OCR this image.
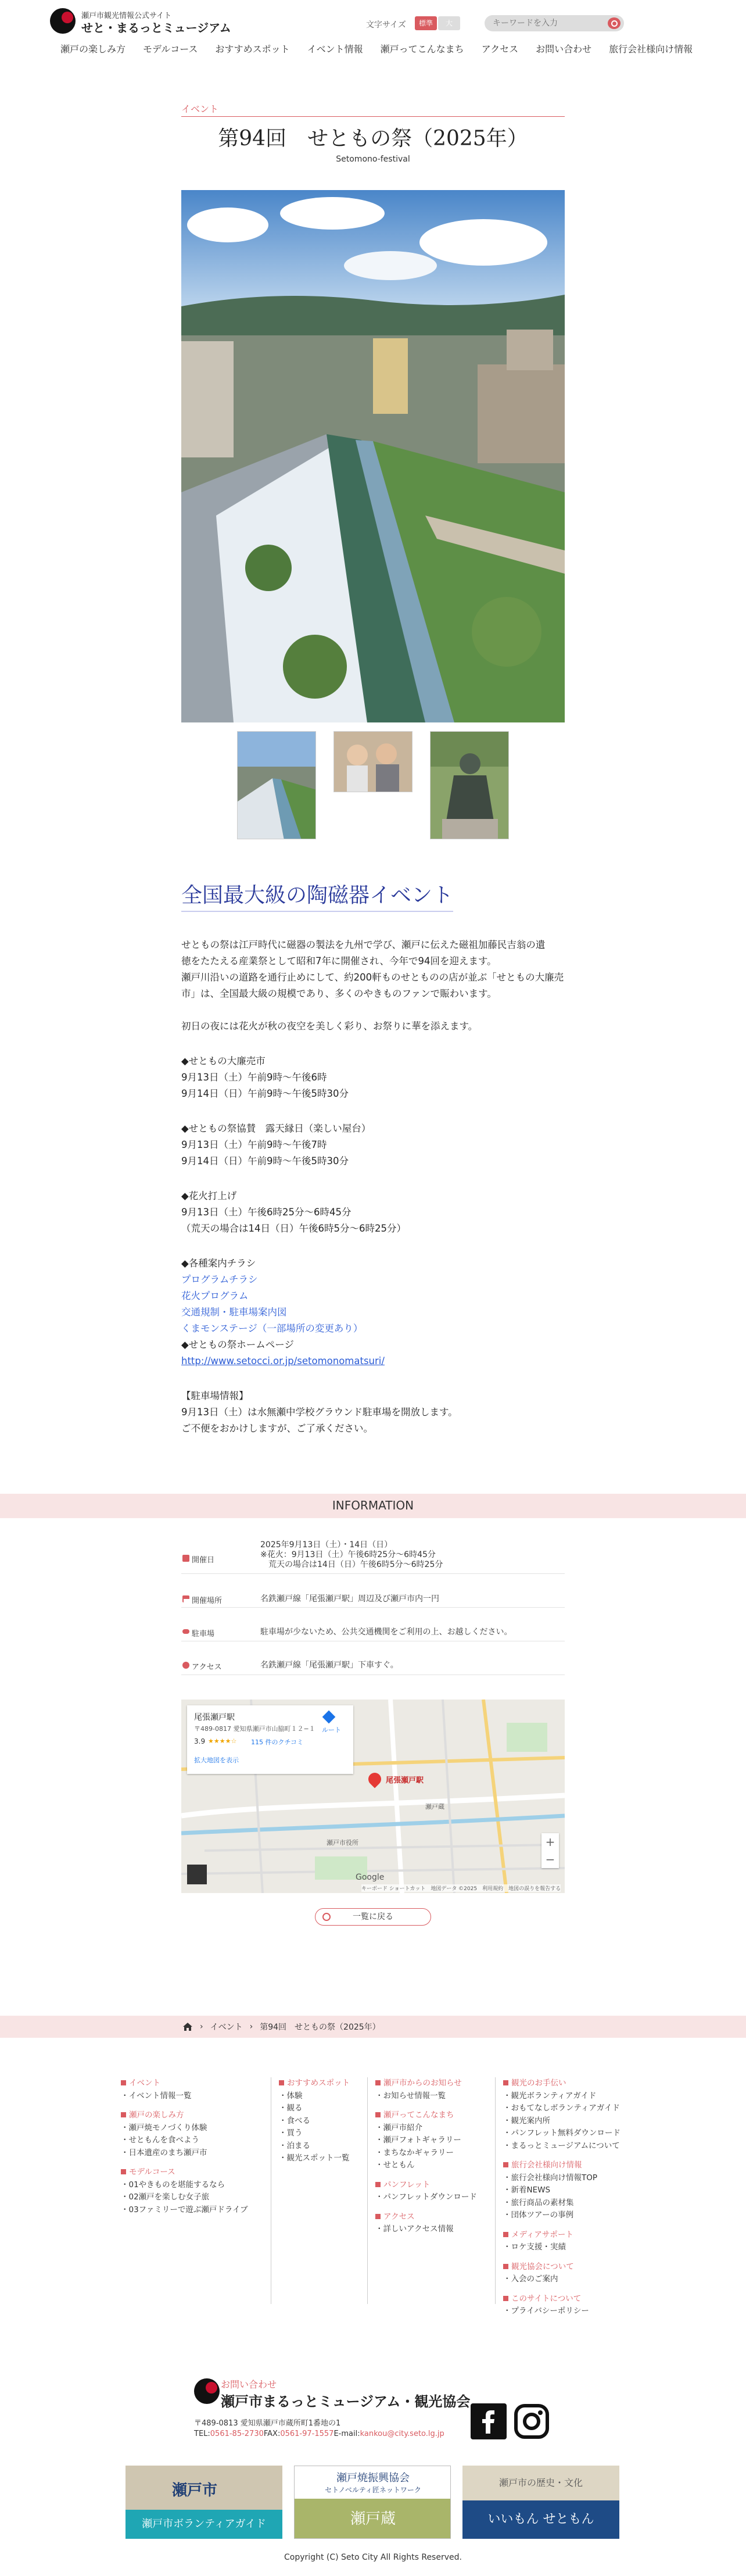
瀬戸市観光情報公式サイト
せと・まるっとミュージアム	文字サイズ	標準	大
キーワードを入力
瀬戸の楽しみ方 モデルコース おすすめスポット イベント情報 瀬戸ってこんなまち アクセス お問い合わせ 旅行会社様向け情報
イベント
第94回　せともの祭（2025年）
Setomono-festival
全国最大級の陶磁器イベント
せともの祭は江戸時代に磁器の製法を九州で学び、瀬戸に伝えた磁祖加藤民吉翁の遺
徳をたたえる産業祭として昭和7年に開催され、今年で94回を迎えます。
瀬戸川沿いの道路を通行止めにして、約200軒ものせとものの店が並ぶ「せともの大廉売
市」は、全国最大級の規模であり、多くのやきものファンで賑わいます。
初日の夜には花火が秋の夜空を美しく彩り、お祭りに華を添えます。
◆せともの大廉売市
9月13日（土）午前9時〜午後6時
9月14日（日）午前9時〜午後5時30分
◆せともの祭協賛　露天縁日（楽しい屋台）
9月13日（土）午前9時〜午後7時
9月14日（日）午前9時〜午後5時30分
◆花火打上げ
9月13日（土）午後6時25分〜6時45分
（荒天の場合は14日（日）午後6時5分〜6時25分）
◆各種案内チラシ
プログラムチラシ
花火プログラム
交通規制・駐車場案内図
くまモンステージ（一部場所の変更あり）
◆せともの祭ホームページ
http://www.setocci.or.jp/setomonomatsuri/
【駐車場情報】
9月13日（土）は水無瀬中学校グラウンド駐車場を開放します。
ご不便をおかけしますが、ご了承ください。
INFORMATION
開催日
2025年9月13日（土）・14日（日）
※花火：9月13日（土）午後6時25分〜6時45分
　荒天の場合は14日（日）午後6時5分〜6時25分
開催場所	名鉄瀬戸線「尾張瀬戸駅」周辺及び瀬戸市内一円
駐車場	駐車場が少ないため、公共交通機関をご利用の上、お越しください。
アクセス	名鉄瀬戸線「尾張瀬戸駅」下車すぐ。
尾張瀬戸駅
〒489-0817 愛知県瀬戸市山脇町１２−１
3.9 ★★★★☆ 115 件のクチコミ
ルート
拡大地図を表示
尾張瀬戸駅
瀬戸蔵
瀬戸市役所	+
−
Google
キーボード ショートカット　地図データ ©2025　利用規約　地図の誤りを報告する
一覧に戻る
› イベント › 第94回　せともの祭（2025年）
イベント
・イベント情報一覧
瀬戸の楽しみ方
・瀬戸焼モノづくり体験
・せともんを食べよう
・日本遺産のまち瀬戸市
モデルコース
・01やきものを堪能するなら
・02瀬戸を楽しむ女子旅
・03ファミリーで遊ぶ瀬戸ドライブ
おすすめスポット
・体験
・観る
・食べる
・買う
・泊まる
・観光スポット一覧
瀬戸市からのお知らせ
・お知らせ情報一覧
瀬戸ってこんなまち
・瀬戸市紹介
・瀬戸フォトギャラリー
・まちなかギャラリー
・せともん
パンフレット
・パンフレットダウンロード
アクセス
・詳しいアクセス情報
観光のお手伝い
・観光ボランティアガイド
・おもてなしボランティアガイド
・観光案内所
・パンフレット無料ダウンロード
・まるっとミュージアムについて
旅行会社様向け情報
・旅行会社様向け情報TOP
・新着NEWS
・旅行商品の素材集
・団体ツアーの事例
メディアサポート
・ロケ支援・実績
観光協会について
・入会のご案内
このサイトについて
・プライバシーポリシー
お問い合わせ
瀬戸市まるっとミュージアム・観光協会
〒489-0813 愛知県瀬戸市蔵所町1番地の1
TEL:0561-85-2730FAX:0561-97-1557E-mail:kankou@city.seto.lg.jp
瀬戸市
瀬戸市ボランティアガイド
瀬戸焼振興協会
セトノベルティ匠ネットワーク
瀬戸蔵
瀬戸市の歴史・文化
いいもん せともん
Copyright (C) Seto City All Rights Reserved.
